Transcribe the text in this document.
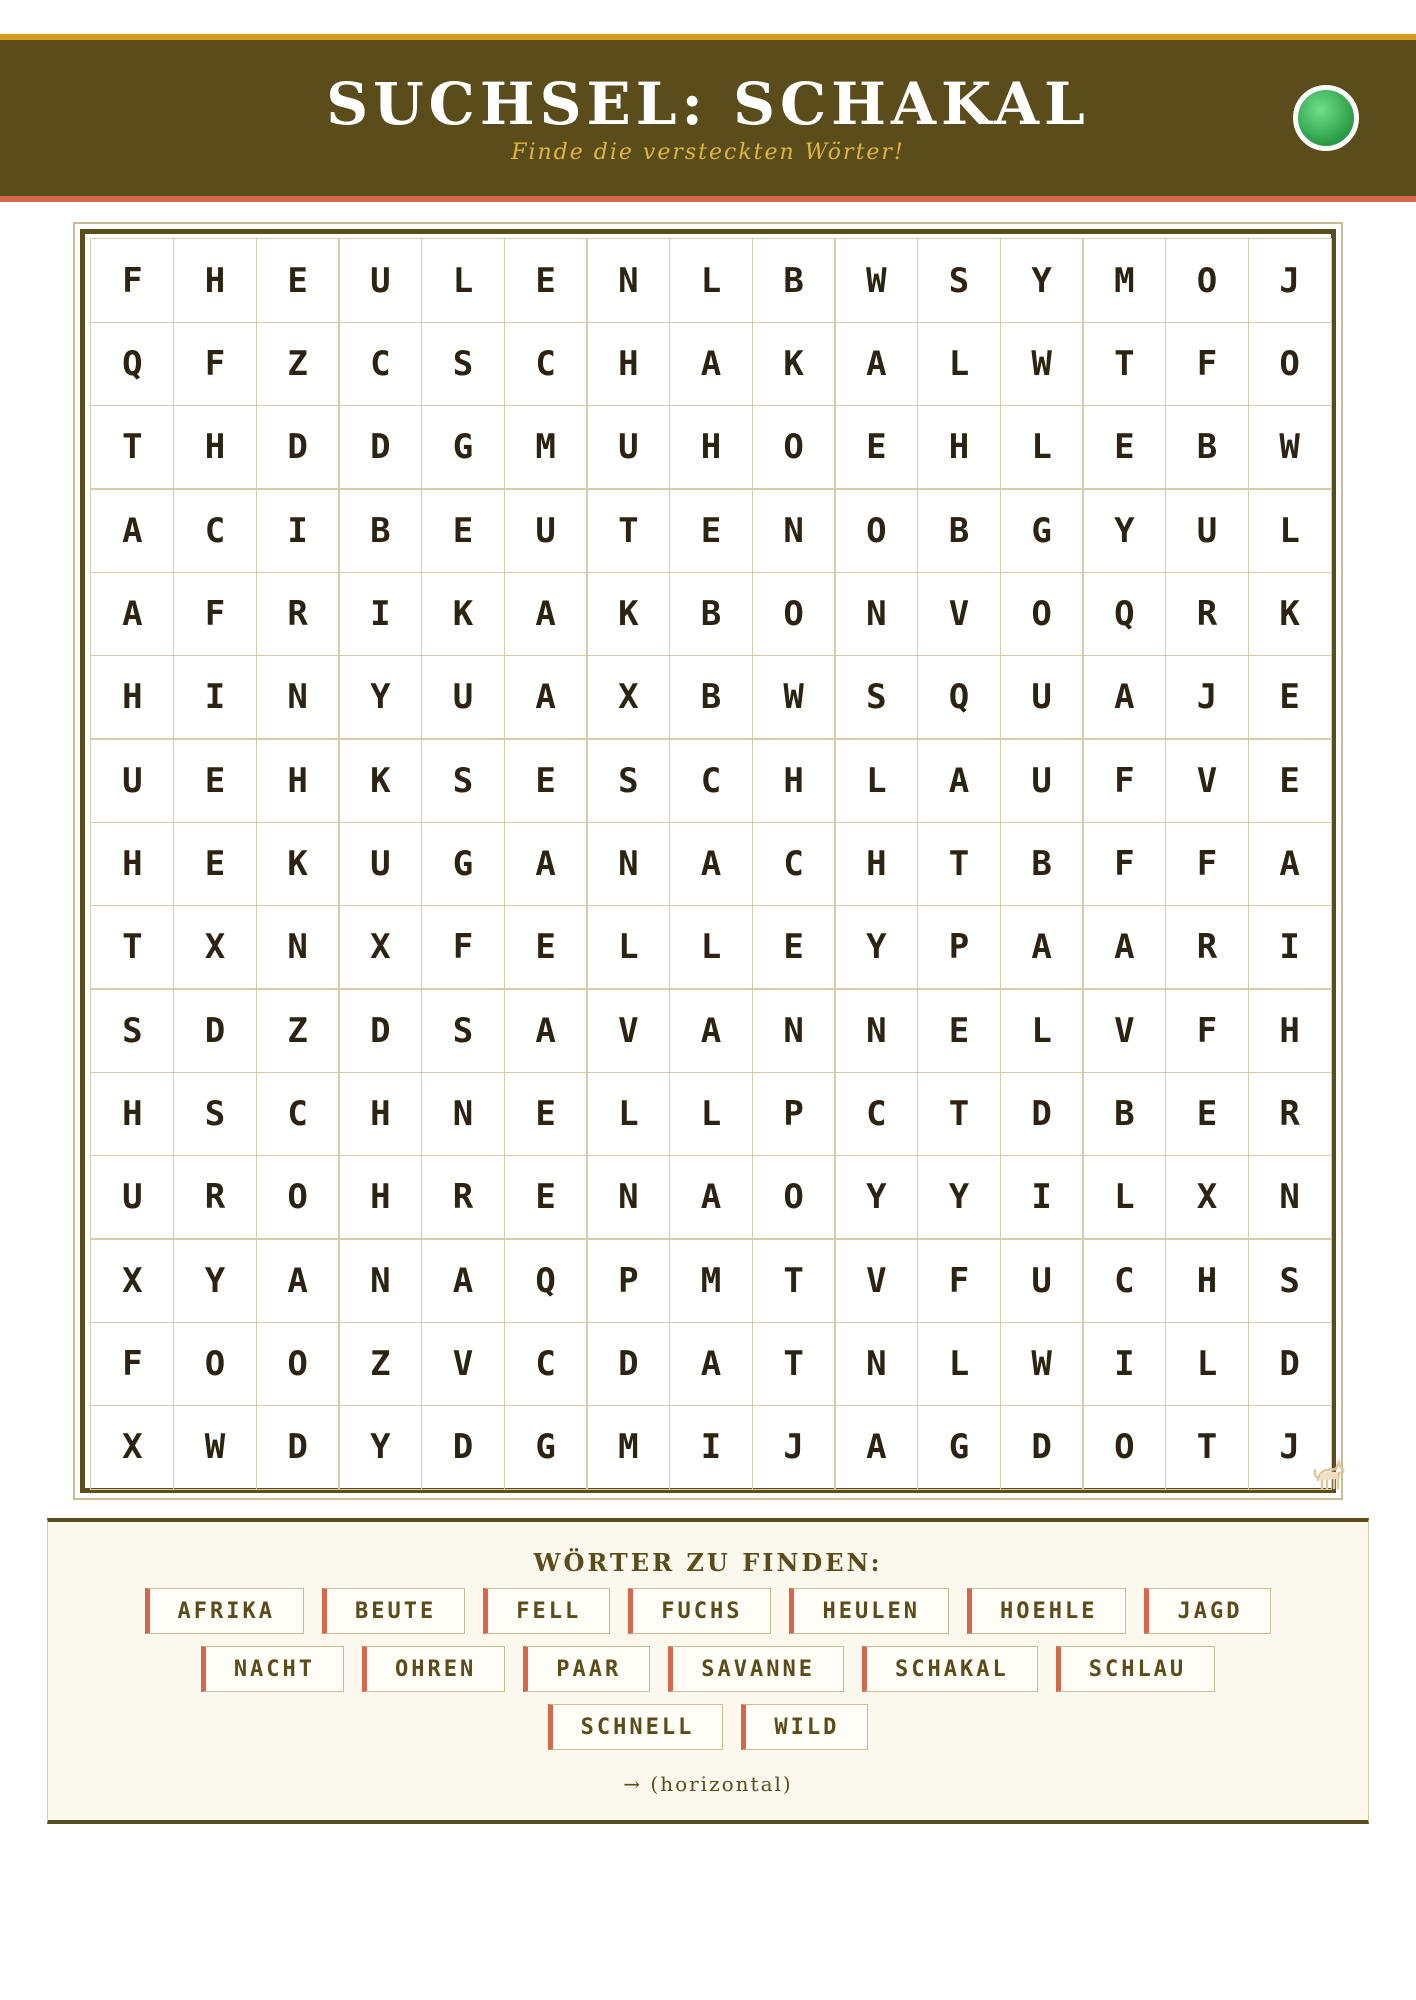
SUCHSEL: SCHAKAL
Finde die versteckten Wörter!
F	H	E	U	L	E	N	L	B	W	S	Y	M	O	J
Q	F	Z	C	S	C	H	A	K	A	L	W	T	F	O
T	H	D	D	G	M	U	H	O	E	H	L	E	B	W
A	C	I	B	E	U	T	E	N	O	B	G	Y	U	L
A	F	R	I	K	A	K	B	O	N	V	O	Q	R	K
H	I	N	Y	U	A	X	B	W	S	Q	U	A	J	E
U	E	H	K	S	E	S	C	H	L	A	U	F	V	E
H	E	K	U	G	A	N	A	C	H	T	B	F	F	A
T	X	N	X	F	E	L	L	E	Y	P	A	A	R	I
S	D	Z	D	S	A	V	A	N	N	E	L	V	F	H
H	S	C	H	N	E	L	L	P	C	T	D	B	E	R
U	R	O	H	R	E	N	A	O	Y	Y	I	L	X	N
X	Y	A	N	A	Q	P	M	T	V	F	U	C	H	S
F	O	O	Z	V	C	D	A	T	N	L	W	I	L	D
X	W	D	Y	D	G	M	I	J	A	G	D	O	T	J
WÖRTER ZU FINDEN:
AFRIKA	BEUTE	FELL	FUCHS	HEULEN	HOEHLE	JAGD
NACHT	OHREN	PAAR	SAVANNE	SCHAKAL	SCHLAU
SCHNELL	WILD
→ (horizontal)
